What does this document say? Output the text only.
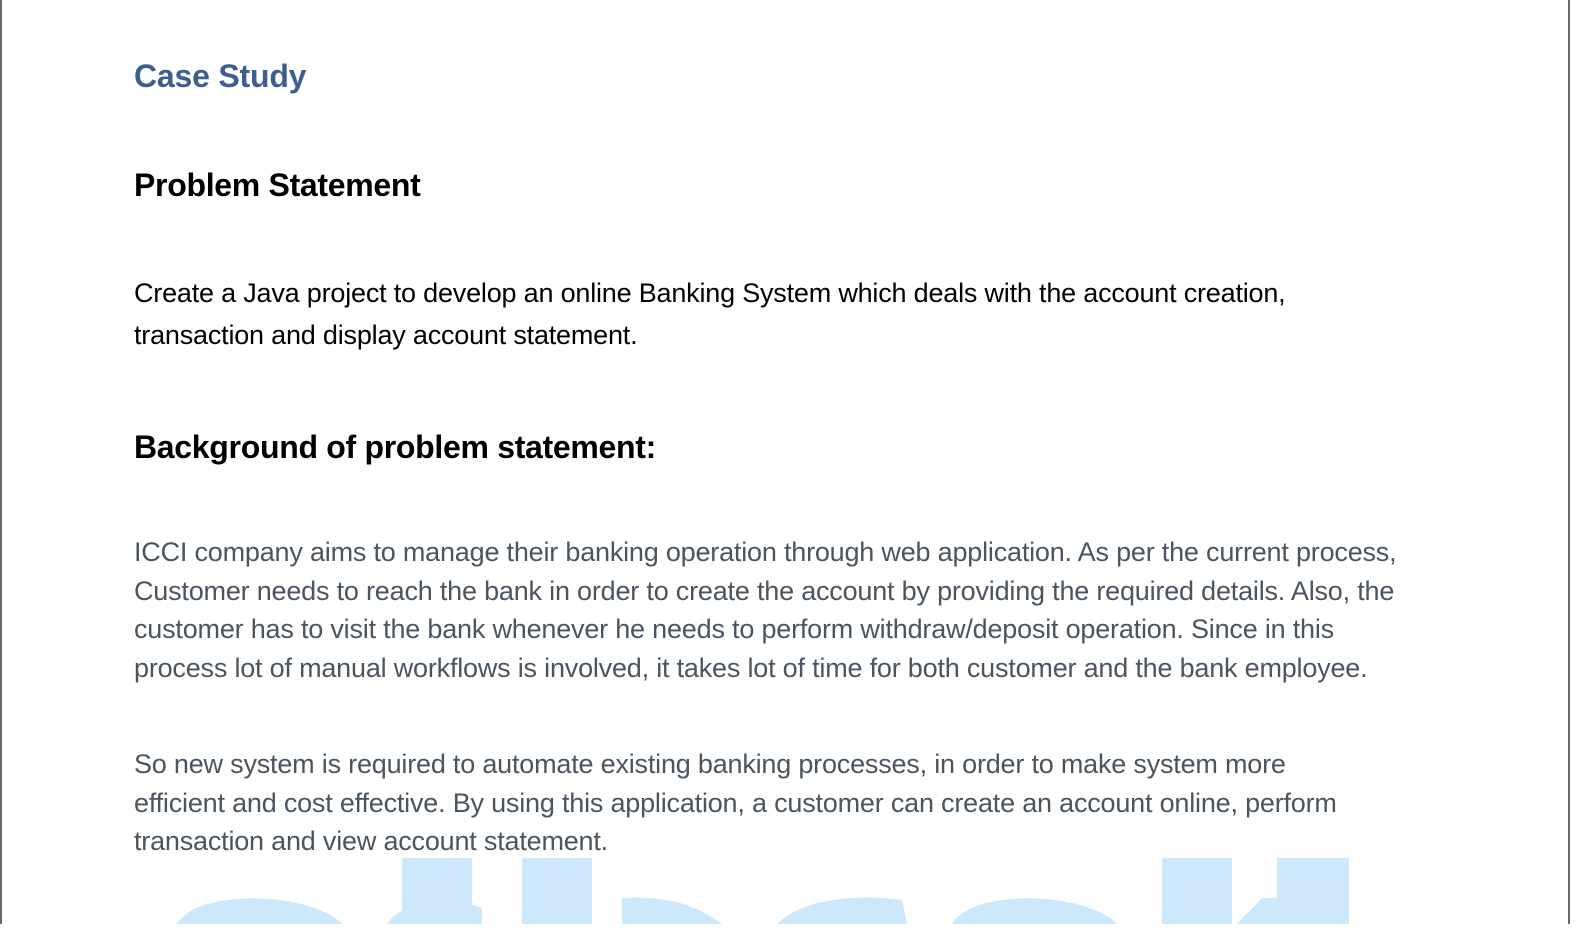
Case Study
Problem Statement

Create a Java project to develop an online Banking System which deals with the account creation, transaction and display account statement.

Background of problem statement:

ICCI company aims to manage their banking operation through web application. As per the current process, Customer needs to reach the bank in order to create the account by providing the required details. Also, the customer has to visit the bank whenever he needs to perform withdraw/deposit operation. Since in this process lot of manual workflows is involved, it takes lot of time for both customer and the bank employee.

So new system is required to automate existing banking processes, in order to make system more efficient and cost effective. By using this application, a customer can create an account online, perform transaction and view account statement.
